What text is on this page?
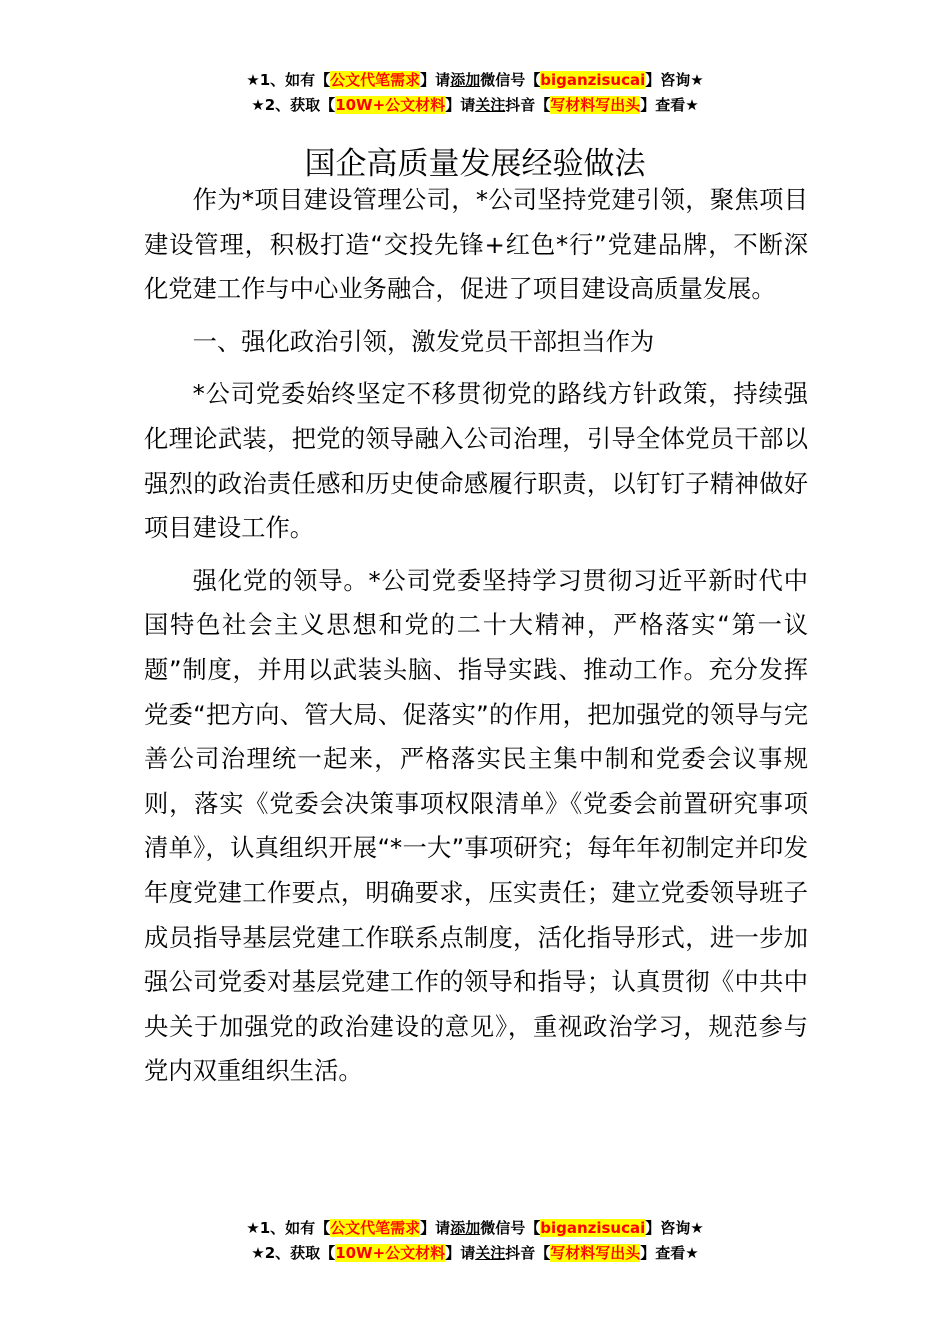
★1、如有【公文代笔需求】请添加微信号【biganzisucai】咨询★
★2、获取【10W+公文材料】请关注抖音【写材料写出头】查看★
国企高质量发展经验做法

作为*项目建设管理公司，*公司坚持党建引领，聚焦项目建设管理，积极打造“交投先锋+红色*行”党建品牌，不断深化党建工作与中心业务融合，促进了项目建设高质量发展。

一、强化政治引领，激发党员干部担当作为

*公司党委始终坚定不移贯彻党的路线方针政策，持续强化理论武装，把党的领导融入公司治理，引导全体党员干部以强烈的政治责任感和历史使命感履行职责，以钉钉子精神做好项目建设工作。

强化党的领导。*公司党委坚持学习贯彻习近平新时代中国特色社会主义思想和党的二十大精神，严格落实“第一议题”制度，并用以武装头脑、指导实践、推动工作。充分发挥党委“把方向、管大局、促落实”的作用，把加强党的领导与完善公司治理统一起来，严格落实民主集中制和党委会议事规则，落实《党委会决策事项权限清单》《党委会前置研究事项清单》，认真组织开展“*一大”事项研究；每年年初制定并印发年度党建工作要点，明确要求，压实责任；建立党委领导班子成员指导基层党建工作联系点制度，活化指导形式，进一步加强公司党委对基层党建工作的领导和指导；认真贯彻《中共中央关于加强党的政治建设的意见》，重视政治学习，规范参与党内双重组织生活。

★1、如有【公文代笔需求】请添加微信号【biganzisucai】咨询★
★2、获取【10W+公文材料】请关注抖音【写材料写出头】查看★
